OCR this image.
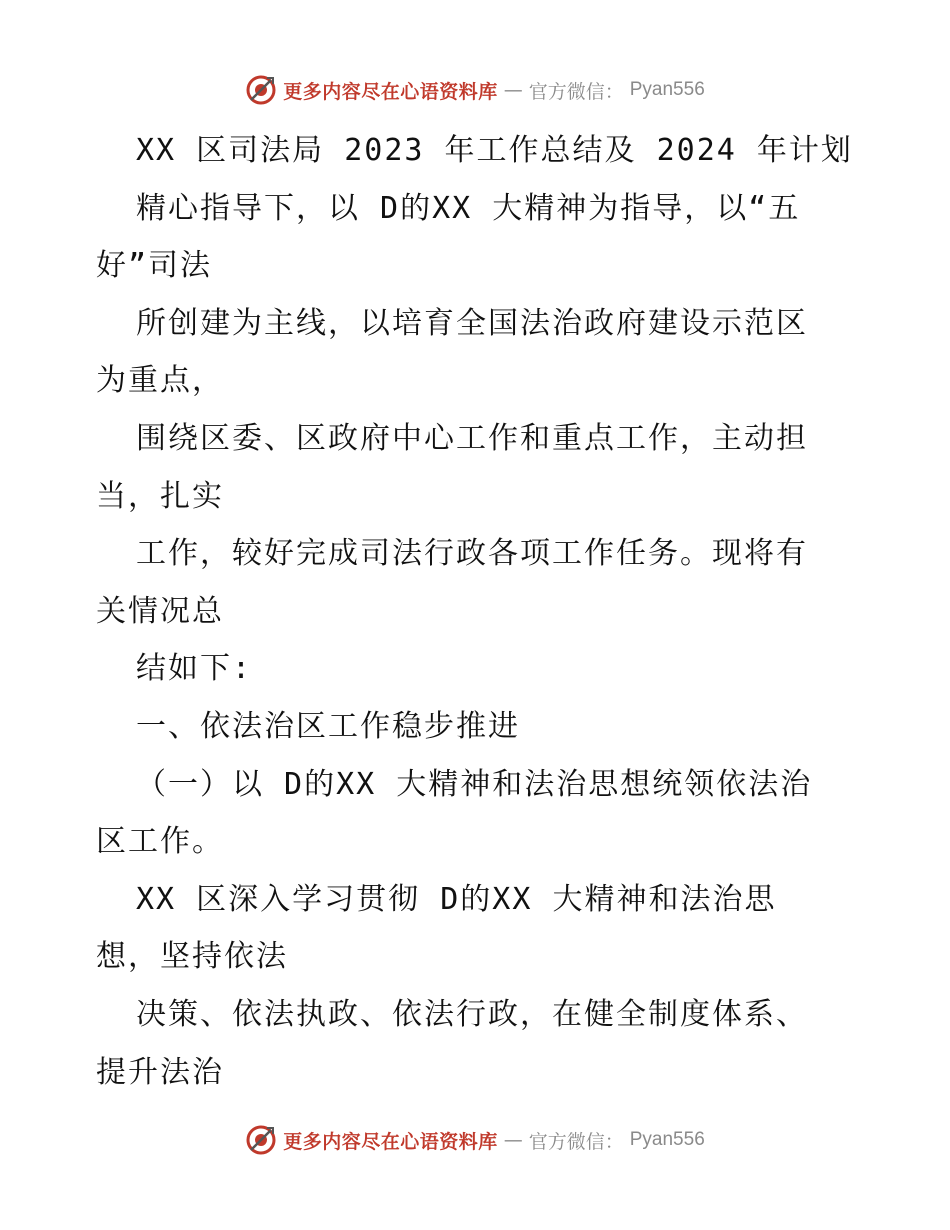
更多内容尽在心语资料库 — 官方微信： Pyan556
XX 区司法局 2023 年工作总结及 2024 年计划
精心指导下，以 D的XX 大精神为指导，以“五
好”司法
所创建为主线，以培育全国法治政府建设示范区
为重点，
围绕区委、区政府中心工作和重点工作，主动担
当，扎实
工作，较好完成司法行政各项工作任务。现将有
关情况总
结如下:
一、依法治区工作稳步推进
（一）以 D的XX 大精神和法治思想统领依法治
区工作。
XX 区深入学习贯彻 D的XX 大精神和法治思
想，坚持依法
决策、依法执政、依法行政，在健全制度体系、
提升法治
更多内容尽在心语资料库 — 官方微信： Pyan556
